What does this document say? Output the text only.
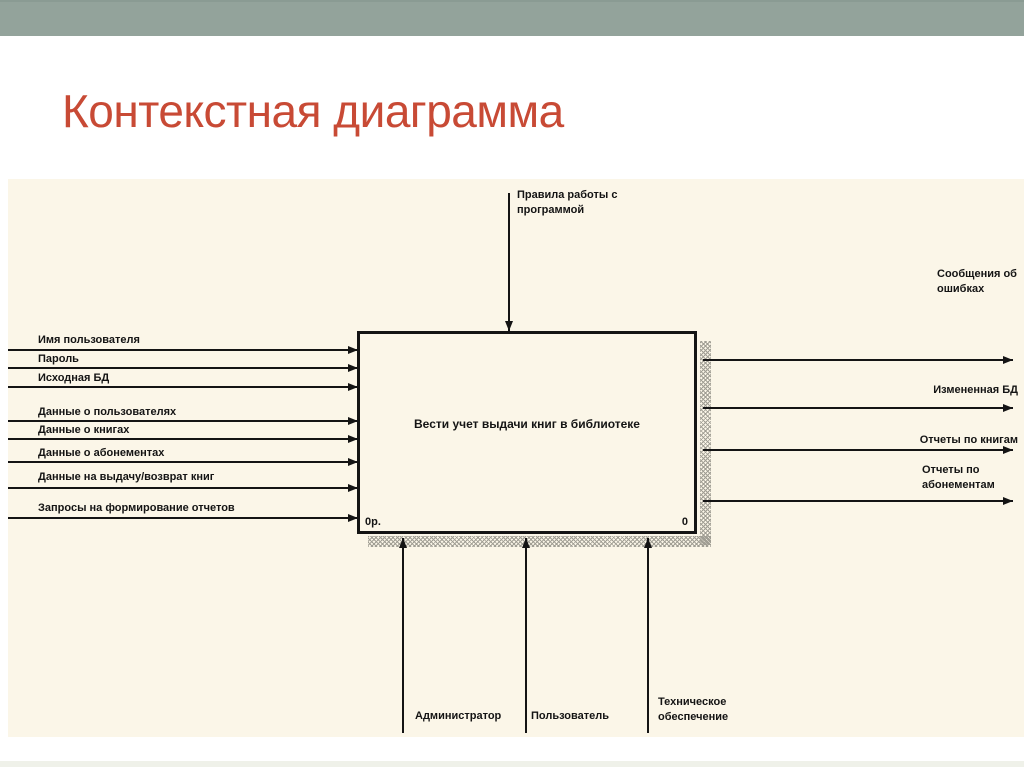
Контекстная диаграмма
Имя пользователя
Пароль
Исходная БД
Данные о пользователях
Данные о книгах
Данные о абонементах
Данные на выдачу/возврат книг
Запросы на формирование отчетов
Правила работы с программой
Вести учет выдачи книг в библиотеке
0р.	0
Сообщения об ошибках
Измененная БД
Отчеты по книгам
Отчеты по абонементам
Администратор	Пользователь
Техническое обеспечение
